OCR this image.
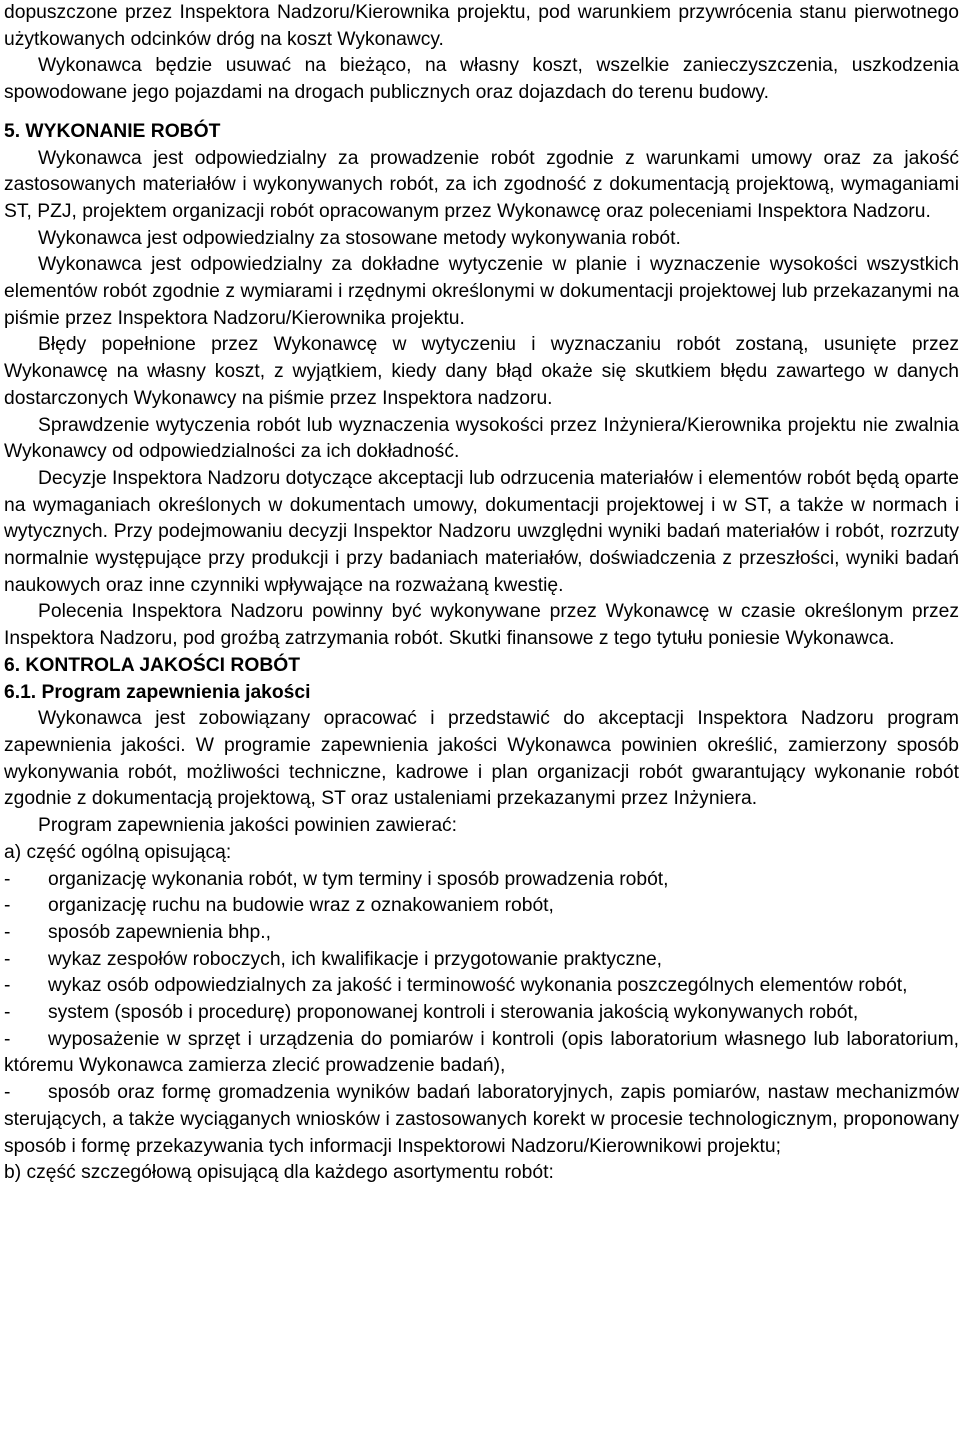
dopuszczone przez Inspektora Nadzoru/Kierownika projektu, pod warunkiem przywrócenia stanu pierwotnego użytkowanych odcinków dróg na koszt Wykonawcy.

Wykonawca będzie usuwać na bieżąco, na własny koszt, wszelkie zanieczyszczenia, uszkodzenia spowodowane jego pojazdami na drogach publicznych oraz dojazdach do terenu budowy.

5. WYKONANIE ROBÓT

Wykonawca jest odpowiedzialny za prowadzenie robót zgodnie z warunkami umowy oraz za jakość zastosowanych materiałów i wykonywanych robót, za ich zgodność z dokumentacją projektową, wymaganiami ST, PZJ, projektem organizacji robót opracowanym przez Wykonawcę oraz poleceniami Inspektora Nadzoru.

Wykonawca jest odpowiedzialny za stosowane metody wykonywania robót.

Wykonawca jest odpowiedzialny za dokładne wytyczenie w planie i wyznaczenie wysokości wszystkich elementów robót zgodnie z wymiarami i rzędnymi określonymi w dokumentacji projektowej lub przekazanymi na piśmie przez Inspektora Nadzoru/Kierownika projektu.

Błędy popełnione przez Wykonawcę w wytyczeniu i wyznaczaniu robót zostaną, usunięte przez Wykonawcę na własny koszt, z wyjątkiem, kiedy dany błąd okaże się skutkiem błędu zawartego w danych dostarczonych Wykonawcy na piśmie przez Inspektora nadzoru.

Sprawdzenie wytyczenia robót lub wyznaczenia wysokości przez Inżyniera/Kierownika projektu nie zwalnia Wykonawcy od odpowiedzialności za ich dokładność.

Decyzje Inspektora Nadzoru dotyczące akceptacji lub odrzucenia materiałów i elementów robót będą oparte na wymaganiach określonych w dokumentach umowy, dokumentacji projektowej i w ST, a także w normach i wytycznych. Przy podejmowaniu decyzji Inspektor Nadzoru uwzględni wyniki badań materiałów i robót, rozrzuty normalnie występujące przy produkcji i przy badaniach materiałów, doświadczenia z przeszłości, wyniki badań naukowych oraz inne czynniki wpływające na rozważaną kwestię.

Polecenia Inspektora Nadzoru powinny być wykonywane przez Wykonawcę w czasie określonym przez Inspektora Nadzoru, pod groźbą zatrzymania robót. Skutki finansowe z tego tytułu poniesie Wykonawca.

6. KONTROLA JAKOŚCI ROBÓT

6.1. Program zapewnienia jakości

Wykonawca jest zobowiązany opracować i przedstawić do akceptacji Inspektora Nadzoru program zapewnienia jakości. W programie zapewnienia jakości Wykonawca powinien określić, zamierzony sposób wykonywania robót, możliwości techniczne, kadrowe i plan organizacji robót gwarantujący wykonanie robót zgodnie z dokumentacją projektową, ST oraz ustaleniami przekazanymi przez Inżyniera.

Program zapewnienia jakości powinien zawierać:

a) część ogólną opisującą:

- organizację wykonania robót, w tym terminy i sposób prowadzenia robót,

- organizację ruchu na budowie wraz z oznakowaniem robót,

- sposób zapewnienia bhp.,

- wykaz zespołów roboczych, ich kwalifikacje i przygotowanie praktyczne,

- wykaz osób odpowiedzialnych za jakość i terminowość wykonania poszczególnych elementów robót,

- system (sposób i procedurę) proponowanej kontroli i sterowania jakością wykonywanych robót,

- wyposażenie w sprzęt i urządzenia do pomiarów i kontroli (opis laboratorium własnego lub laboratorium, któremu Wykonawca zamierza zlecić prowadzenie badań),

- sposób oraz formę gromadzenia wyników badań laboratoryjnych, zapis pomiarów, nastaw mechanizmów sterujących, a także wyciąganych wniosków i zastosowanych korekt w procesie technologicznym, proponowany sposób i formę przekazywania tych informacji Inspektorowi Nadzoru/Kierownikowi projektu;

b) część szczegółową opisującą dla każdego asortymentu robót:
